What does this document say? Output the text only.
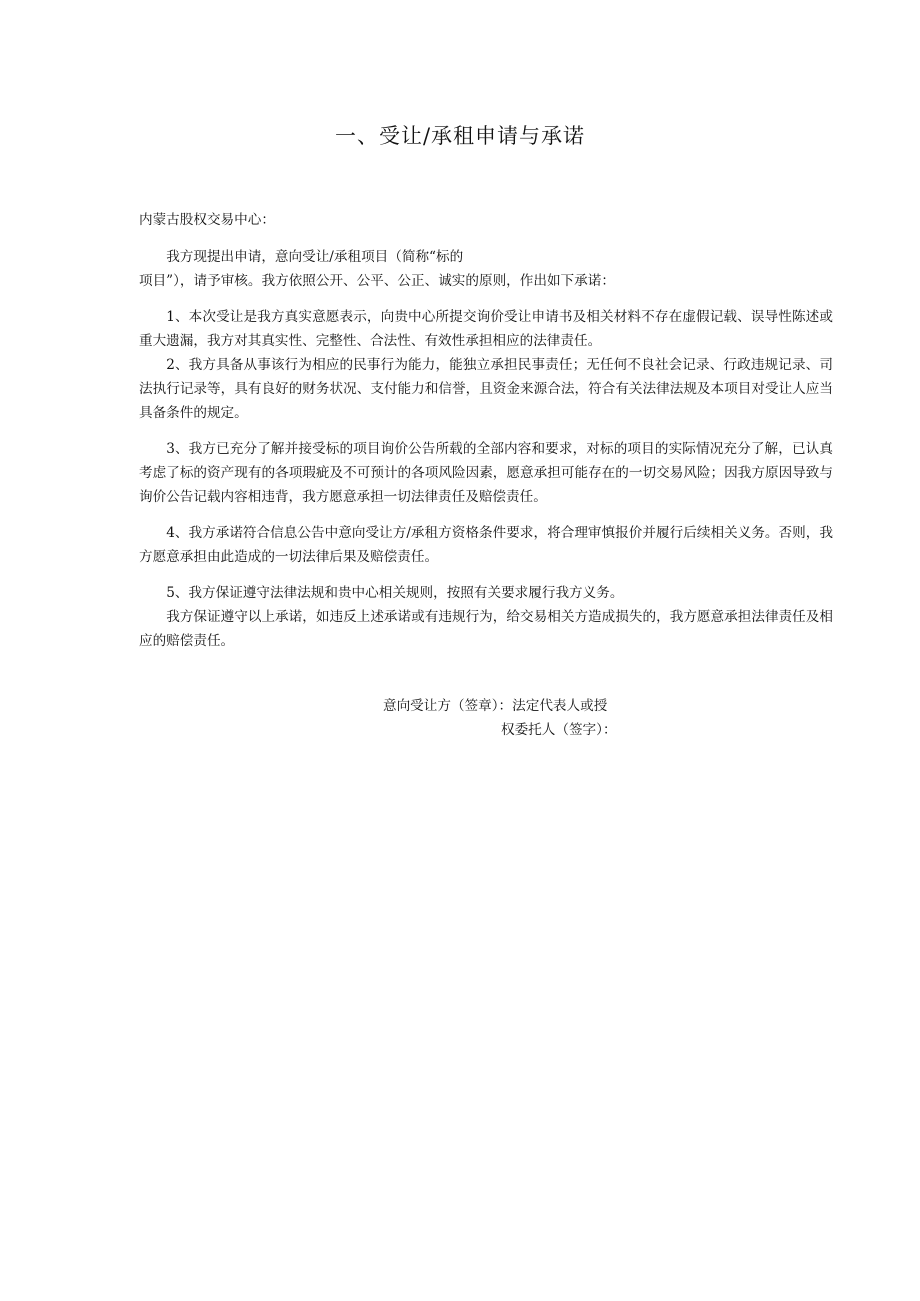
一、受让/承租申请与承诺

内蒙古股权交易中心：

我方现提出申请，意向受让/承租项目（简称“标的

项目”），请予审核。我方依照公开、公平、公正、诚实的原则，作出如下承诺：

1、本次受让是我方真实意愿表示，向贵中心所提交询价受让申请书及相关材料不存在虚假记载、误导性陈述或重大遗漏，我方对其真实性、完整性、合法性、有效性承担相应的法律责任。

2、我方具备从事该行为相应的民事行为能力，能独立承担民事责任；无任何不良社会记录、行政违规记录、司法执行记录等，具有良好的财务状况、支付能力和信誉，且资金来源合法，符合有关法律法规及本项目对受让人应当具备条件的规定。

3、我方已充分了解并接受标的项目询价公告所载的全部内容和要求，对标的项目的实际情况充分了解，已认真考虑了标的资产现有的各项瑕疵及不可预计的各项风险因素，愿意承担可能存在的一切交易风险；因我方原因导致与询价公告记载内容相违背，我方愿意承担一切法律责任及赔偿责任。

4、我方承诺符合信息公告中意向受让方/承租方资格条件要求，将合理审慎报价并履行后续相关义务。否则，我方愿意承担由此造成的一切法律后果及赔偿责任。

5、我方保证遵守法律法规和贵中心相关规则，按照有关要求履行我方义务。

我方保证遵守以上承诺，如违反上述承诺或有违规行为，给交易相关方造成损失的，我方愿意承担法律责任及相应的赔偿责任。

意向受让方（签章）：法定代表人或授
权委托人（签字）：
